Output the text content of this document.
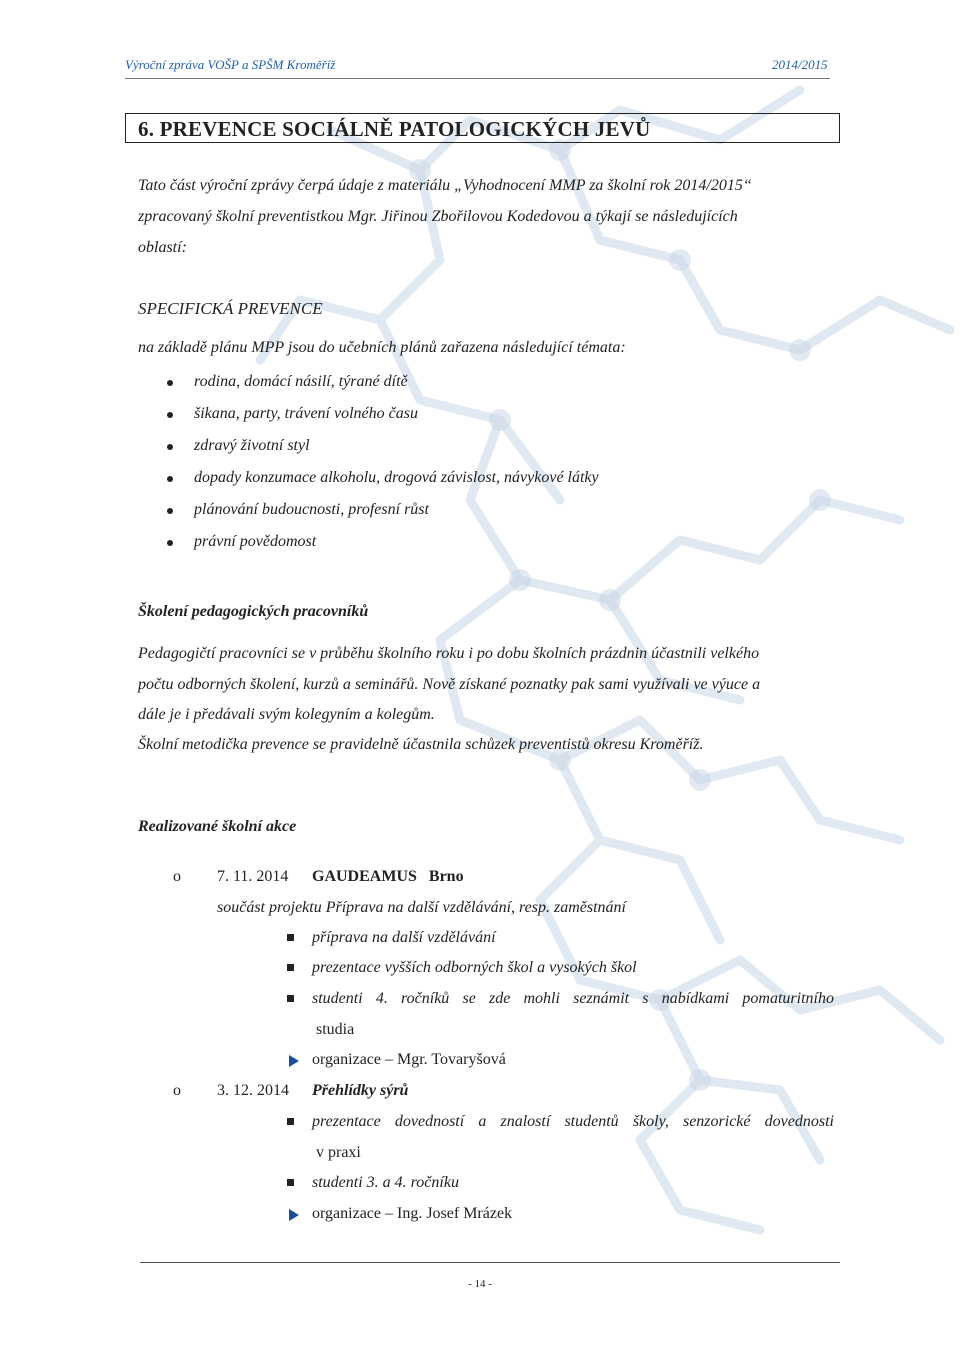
Výroční zpráva VOŠP a SPŠM Kroměříž	2014/2015
6. PREVENCE SOCIÁLNĚ PATOLOGICKÝCH JEVŮ
Tato část výroční zprávy čerpá údaje z materiálu „Vyhodnocení MMP za školní rok 2014/2015“
zpracovaný školní preventistkou Mgr. Jiřinou Zbořilovou Kodedovou a týkají se následujících
oblastí:
SPECIFICKÁ PREVENCE
na základě plánu MPP jsou do učebních plánů zařazena následující témata:
rodina, domácí násilí, týrané dítě
šikana, party, trávení volného času
zdravý životní styl
dopady konzumace alkoholu, drogová závislost, návykové látky
plánování budoucnosti, profesní růst
právní povědomost
Školení pedagogických pracovníků
Pedagogičtí pracovníci se v průběhu školního roku i po dobu školních prázdnin účastnili velkého
počtu odborných školení, kurzů a seminářů. Nově získané poznatky pak sami využívali ve výuce a
dále je i předávali svým kolegyním a kolegům.
Školní metodička prevence se pravidelně účastnila schůzek preventistů okresu Kroměříž.
Realizované školní akce
o 7. 11. 2014 GAUDEAMUS   Brno
součást projektu Příprava na další vzdělávání, resp. zaměstnání
příprava na další vzdělávání
prezentace vyšších odborných škol a vysokých škol
studenti 4. ročníků se zde mohli seznámit s nabídkami pomaturitního
studia
organizace – Mgr. Tovaryšová
o 3. 12. 2014 Přehlídky sýrů
prezentace dovedností a znalostí studentů školy, senzorické dovednosti
v praxi
studenti 3. a 4. ročníku
organizace – Ing. Josef Mrázek
- 14 -
